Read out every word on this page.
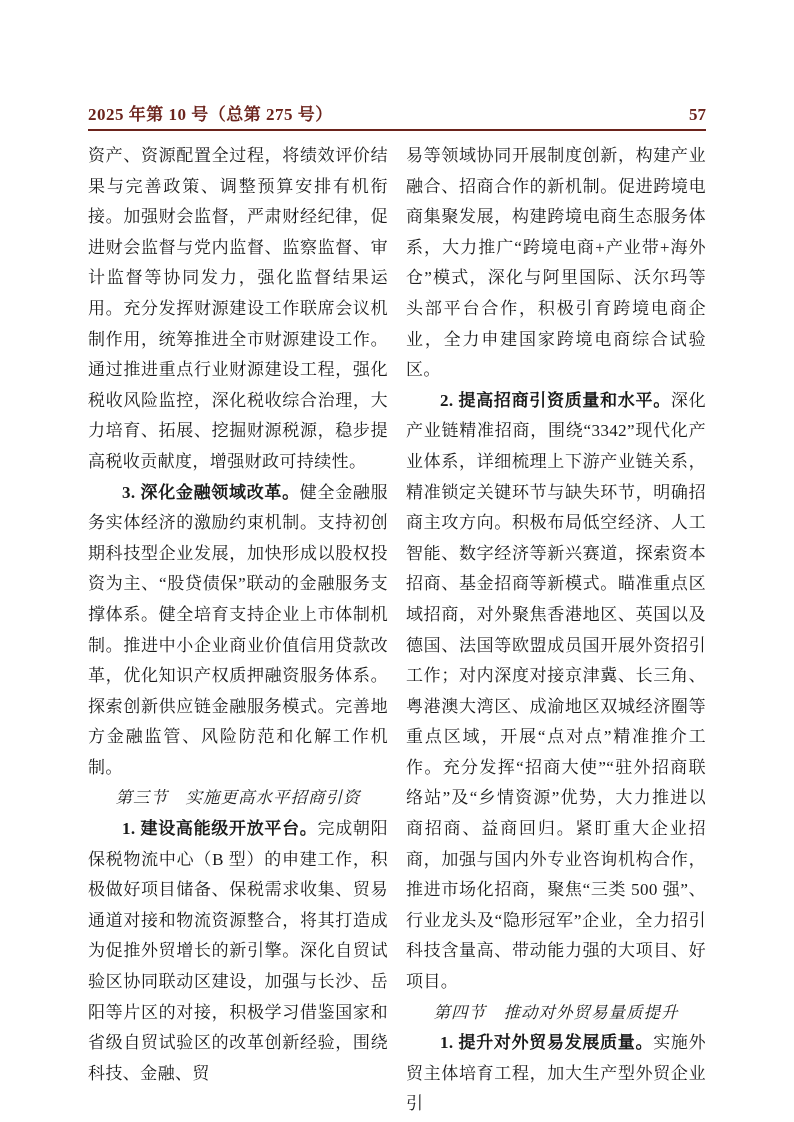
2025 年第 10 号（总第 275 号）	57

资产、资源配置全过程，将绩效评价结果与完善政策、调整预算安排有机衔接。加强财会监督，严肃财经纪律，促进财会监督与党内监督、监察监督、审计监督等协同发力，强化监督结果运用。充分发挥财源建设工作联席会议机制作用，统筹推进全市财源建设工作。通过推进重点行业财源建设工程，强化税收风险监控，深化税收综合治理，大力培育、拓展、挖掘财源税源，稳步提高税收贡献度，增强财政可持续性。

3. 深化金融领域改革。健全金融服务实体经济的激励约束机制。支持初创期科技型企业发展，加快形成以股权投资为主、“股贷债保”联动的金融服务支撑体系。健全培育支持企业上市体制机制。推进中小企业商业价值信用贷款改革，优化知识产权质押融资服务体系。探索创新供应链金融服务模式。完善地方金融监管、风险防范和化解工作机制。

第三节　实施更高水平招商引资

1. 建设高能级开放平台。完成朝阳保税物流中心（B 型）的申建工作，积极做好项目储备、保税需求收集、贸易通道对接和物流资源整合，将其打造成为促推外贸增长的新引擎。深化自贸试验区协同联动区建设，加强与长沙、岳阳等片区的对接，积极学习借鉴国家和省级自贸试验区的改革创新经验，围绕科技、金融、贸

易等领域协同开展制度创新，构建产业融合、招商合作的新机制。促进跨境电商集聚发展，构建跨境电商生态服务体系，大力推广“跨境电商+产业带+海外仓”模式，深化与阿里国际、沃尔玛等头部平台合作，积极引育跨境电商企业，全力申建国家跨境电商综合试验区。

2. 提高招商引资质量和水平。深化产业链精准招商，围绕“3342”现代化产业体系，详细梳理上下游产业链关系，精准锁定关键环节与缺失环节，明确招商主攻方向。积极布局低空经济、人工智能、数字经济等新兴赛道，探索资本招商、基金招商等新模式。瞄准重点区域招商，对外聚焦香港地区、英国以及德国、法国等欧盟成员国开展外资招引工作；对内深度对接京津冀、长三角、粤港澳大湾区、成渝地区双城经济圈等重点区域，开展“点对点”精准推介工作。充分发挥“招商大使”“驻外招商联络站”及“乡情资源”优势，大力推进以商招商、益商回归。紧盯重大企业招商，加强与国内外专业咨询机构合作，推进市场化招商，聚焦“三类 500 强”、行业龙头及“隐形冠军”企业，全力招引科技含量高、带动能力强的大项目、好项目。

第四节　推动对外贸易量质提升

1. 提升对外贸易发展质量。实施外贸主体培育工程，加大生产型外贸企业引
